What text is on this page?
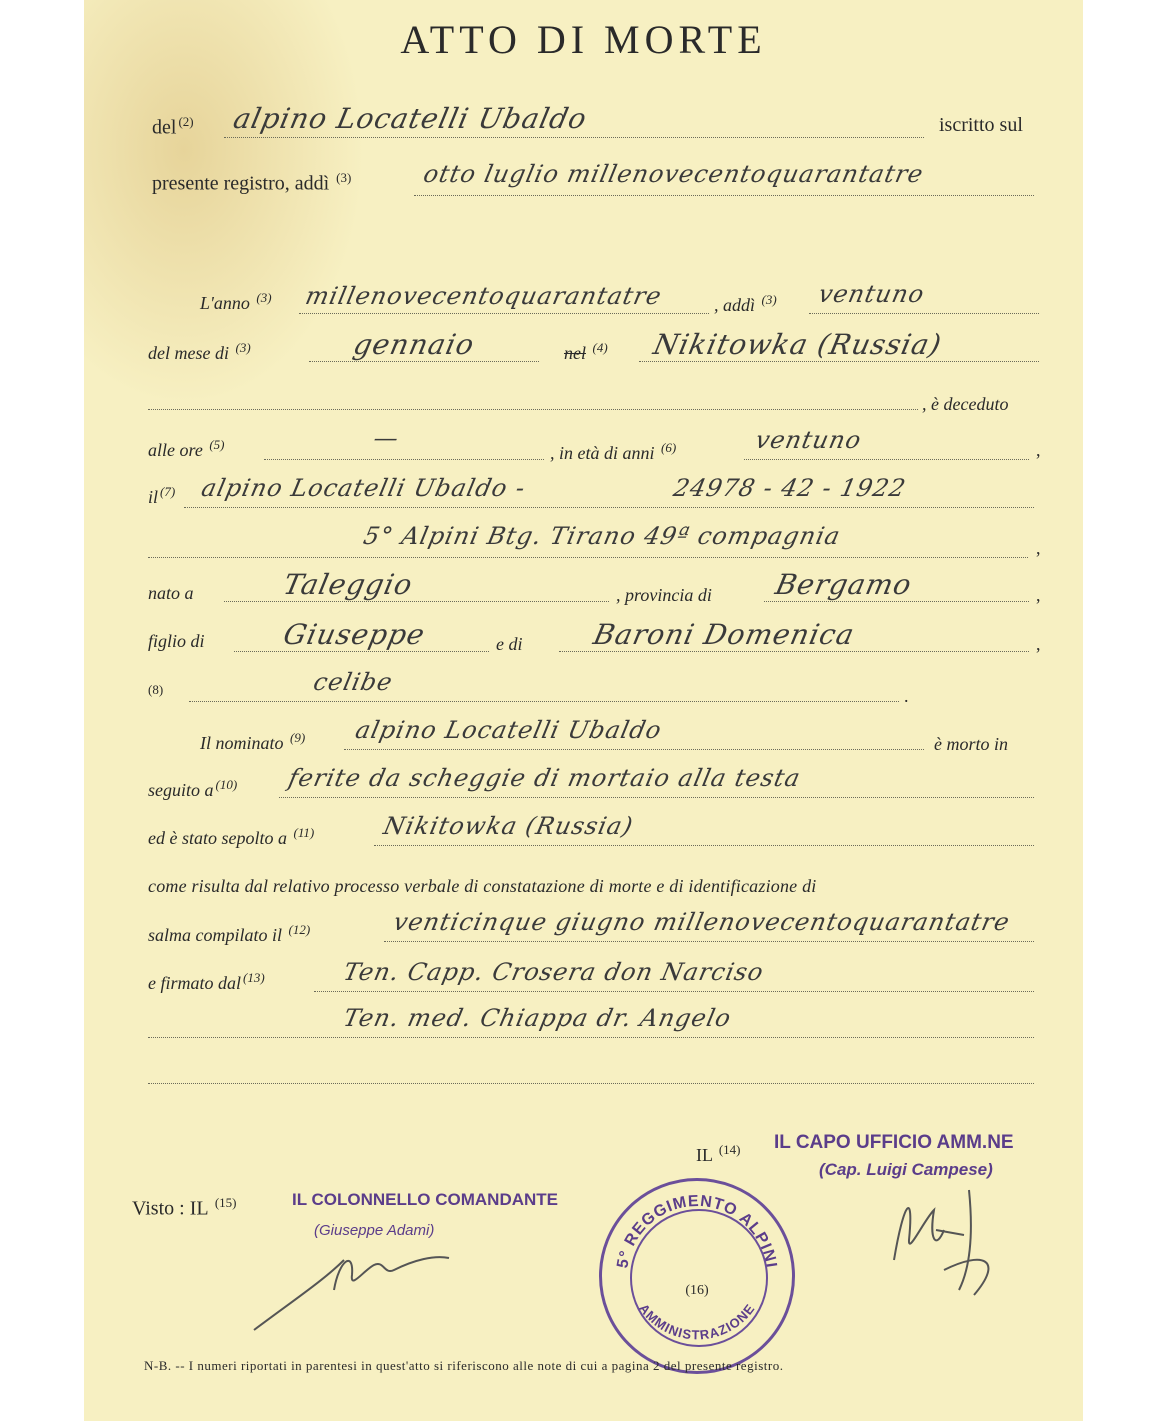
ATTO DI MORTE
del $^{(2)}$ alpino Locatelli Ubaldo	iscritto sul
presente registro, addì $^{(3)}$	otto luglio millenovecentoquarantatre
L'anno $^{(3)}$ millenovecentoquarantatre	, addì $^{(3)}$ ventuno
del mese di $^{(3)}$	gennaio	nel $^{(4)}$ Nikitowka (Russia)
, è deceduto
alle ore $^{(5)}$	—
, in età di anni $^{(6)}$	ventuno	,
il $^{(7)}$ alpino Locatelli Ubaldo -	24978 - 42 - 1922
5° Alpini Btg. Tirano 49ª compagnia	,
nato a	Taleggio	, provincia di Bergamo	,
figlio di	Giuseppe	e di Baroni Domenica	,
(8)	celibe	.
Il nominato $^{(9)}$ alpino Locatelli Ubaldo	è morto in
seguito a $^{(10)}$ ferite da scheggie di mortaio alla testa
ed è stato sepolto a $^{(11)}$	Nikitowka (Russia)
come risulta dal relativo processo verbale di constatazione di morte e di identificazione di
salma compilato il $^{(12)}$	venticinque giugno millenovecentoquarantatre
e firmato dal $^{(13)}$	Ten. Capp. Crosera don Narciso
Ten. med. Chiappa dr. Angelo
IL $^{(14)}$ IL CAPO UFFICIO AMM.NE
(Cap. Luigi Campese)
Visto : IL $^{(15)}$	IL COLONNELLO COMANDANTE
(Giuseppe Adami)
5° REGGIMENTO ALPINI
AMMINISTRAZIONE
(16)
N-B. -- I numeri riportati in parentesi in quest'atto si riferiscono alle note di cui a pagina 2 del presente registro.
